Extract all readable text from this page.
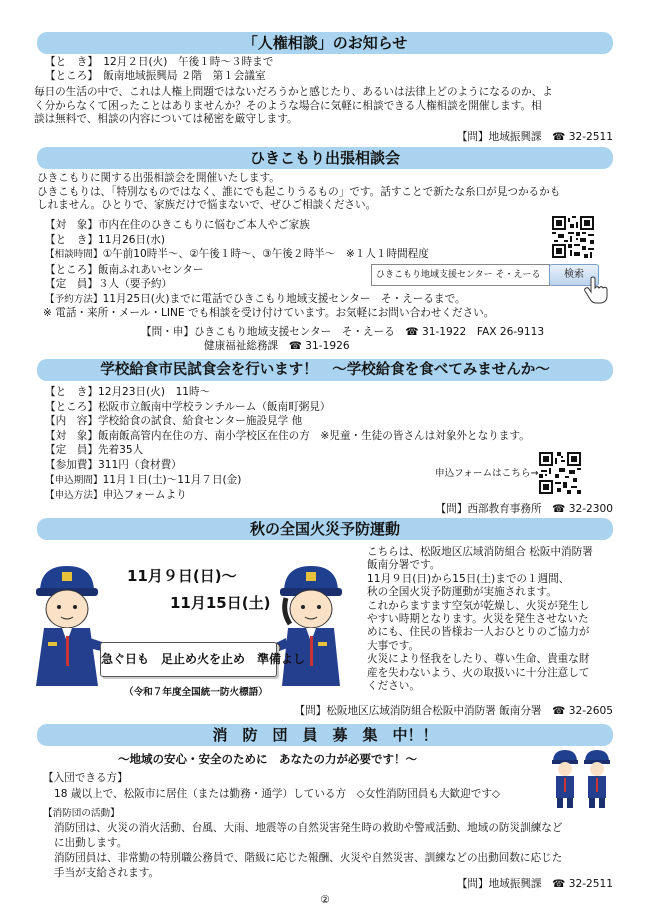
「人権相談」のお知らせ
【と　き】　12月２日(火)　午後１時～３時まで
【ところ】　飯南地域振興局 ２階　第１会議室
毎日の生活の中で、これは人権上問題ではないだろうかと感じたり、あるいは法律上どのようになるのか、よ
く分からなくて困ったことはありませんか？そのような場合に気軽に相談できる人権相談を開催します。相
談は無料で、相談の内容については秘密を厳守します。
【問】地域振興課　☎ 32-2511
ひきこもり出張相談会
ひきこもりに関する出張相談会を開催いたします。
ひきこもりは、「特別なものではなく、誰にでも起こりうるもの」です。話すことで新たな糸口が見つかるかも
しれません。ひとりで、家族だけで悩まないで、ぜひご相談ください。
【対　象】市内在住のひきこもりに悩むご本人やご家族
【と　き】11月26日(水)
【相談時間】①午前10時半～、②午後１時～、③午後２時半～　※１人１時間程度
【ところ】飯南ふれあいセンター
【定　員】３人（要予約）
【予約方法】11月25日(火)までに電話でひきこもり地域支援センター　そ・えーるまで。
ひきこもり地域支援センター そ・えーる	検索
※ 電話・来所・メール・LINE でも相談を受け付けています。お気軽にお問い合わせください。
【問・申】ひきこもり地域支援センター　そ・えーる　☎ 31-1922　FAX 26-9113
健康福祉総務課　☎ 31-1926
学校給食市民試食会を行います！　～学校給食を食べてみませんか～
【と　き】12月23日(火)　11時～
【ところ】松阪市立飯南中学校ランチルーム（飯南町粥見）
【内　容】学校給食の試食、給食センター施設見学 他
【対　象】飯南飯高管内在住の方、南小学校区在住の方　※児童・生徒の皆さんは対象外となります。
【定　員】先着35人
【参加費】311円（食材費）
【申込期間】11月１日(土)～11月７日(金)
【申込方法】申込フォームより
申込フォームはこちら→
【問】西部教育事務所　☎ 32-2300
秋の全国火災予防運動
11月９日(日)～
11月15日(土)
急ぐ日も　足止め火を止め　準備よし
（令和７年度全国統一防火標語）
こちらは、松阪地区広域消防組合 松阪中消防署
飯南分署です。
11月９日(日)から15日(土)までの１週間、
秋の全国火災予防運動が実施されます。
これからますます空気が乾燥し、火災が発生し
やすい時期となります。火災を発生させないた
めにも、住民の皆様お一人おひとりのご協力が
大事です。
火災により怪我をしたり、尊い生命、貴重な財
産を失わないよう、火の取扱いに十分注意して
ください。
【問】松阪地区広域消防組合松阪中消防署 飯南分署　☎ 32-2605
消　防　団　員　募　集　中！！
～地域の安心・安全のために　あなたの力が必要です！～
【入団できる方】
18 歳以上で、松阪市に居住（または勤務・通学）している方　◇女性消防団員も大歓迎です◇
【消防団の活動】
消防団は、火災の消火活動、台風、大雨、地震等の自然災害発生時の救助や警戒活動、地域の防災訓練など
に出動します。
消防団員は、非常勤の特別職公務員で、階級に応じた報酬、火災や自然災害、訓練などの出動回数に応じた
手当が支給されます。
【問】地域振興課　☎ 32-2511
②
